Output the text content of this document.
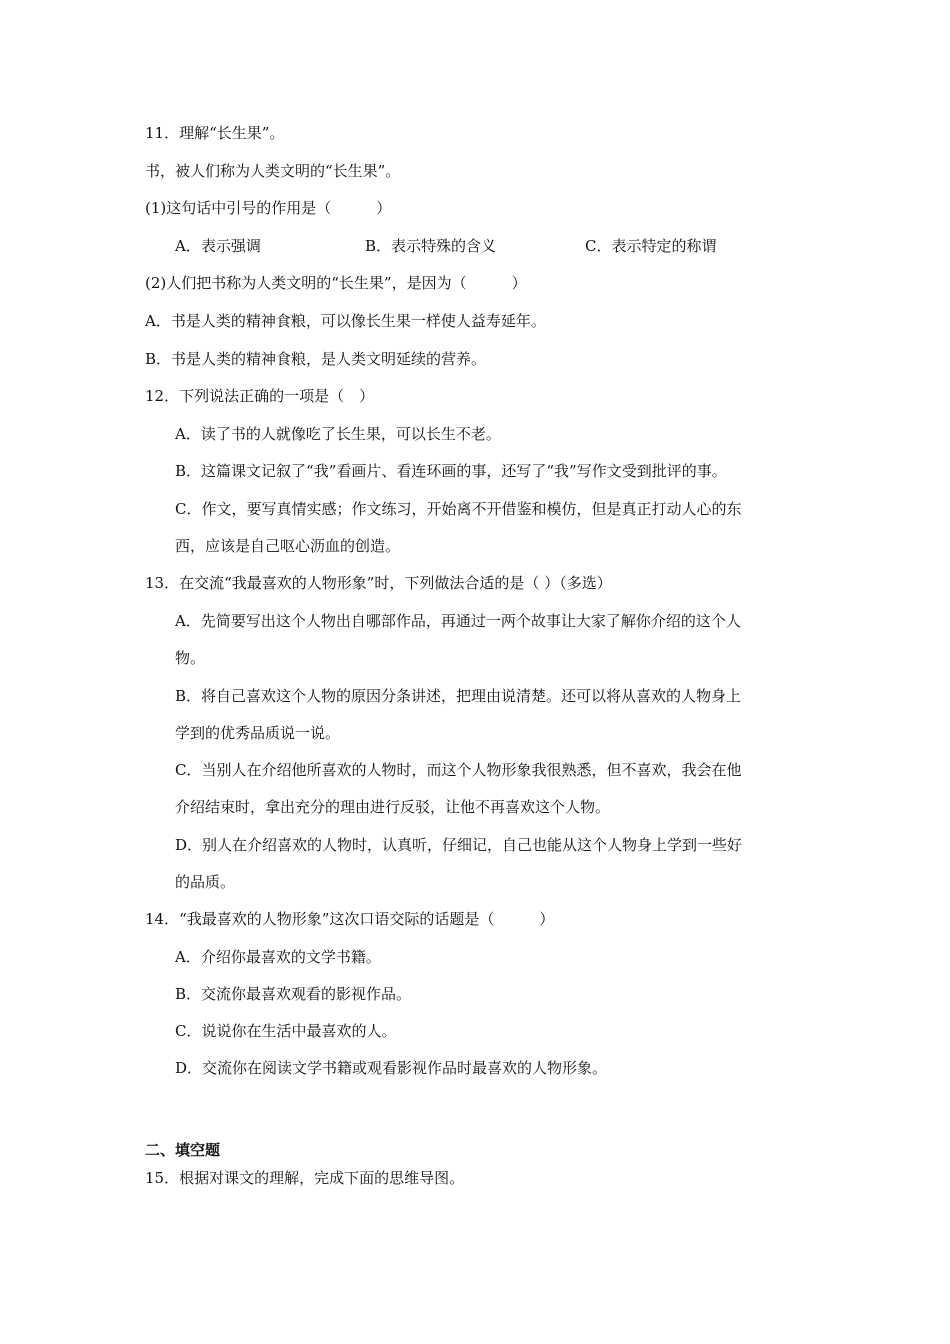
11．理解“长生果”。
书，被人们称为人类文明的“长生果”。
(1)这句话中引号的作用是（　　　）
A．表示强调	B．表示特殊的含义	C．表示特定的称谓
(2)人们把书称为人类文明的“长生果”，是因为（　　　）
A．书是人类的精神食粮，可以像长生果一样使人益寿延年。
B．书是人类的精神食粮，是人类文明延续的营养。
12．下列说法正确的一项是（　）
A．读了书的人就像吃了长生果，可以长生不老。
B．这篇课文记叙了“我”看画片、看连环画的事，还写了“我”写作文受到批评的事。
C．作文，要写真情实感；作文练习，开始离不开借鉴和模仿，但是真正打动人心的东
西，应该是自己呕心沥血的创造。
13．在交流“我最喜欢的人物形象”时，下列做法合适的是（ ）（多选）
A．先简要写出这个人物出自哪部作品，再通过一两个故事让大家了解你介绍的这个人
物。
B．将自己喜欢这个人物的原因分条讲述，把理由说清楚。还可以将从喜欢的人物身上
学到的优秀品质说一说。
C．当别人在介绍他所喜欢的人物时，而这个人物形象我很熟悉，但不喜欢，我会在他
介绍结束时，拿出充分的理由进行反驳，让他不再喜欢这个人物。
D．别人在介绍喜欢的人物时，认真听，仔细记，自己也能从这个人物身上学到一些好
的品质。
14．“我最喜欢的人物形象”这次口语交际的话题是（　　　）
A．介绍你最喜欢的文学书籍。
B．交流你最喜欢观看的影视作品。
C．说说你在生活中最喜欢的人。
D．交流你在阅读文学书籍或观看影视作品时最喜欢的人物形象。
二、填空题
15．根据对课文的理解，完成下面的思维导图。
